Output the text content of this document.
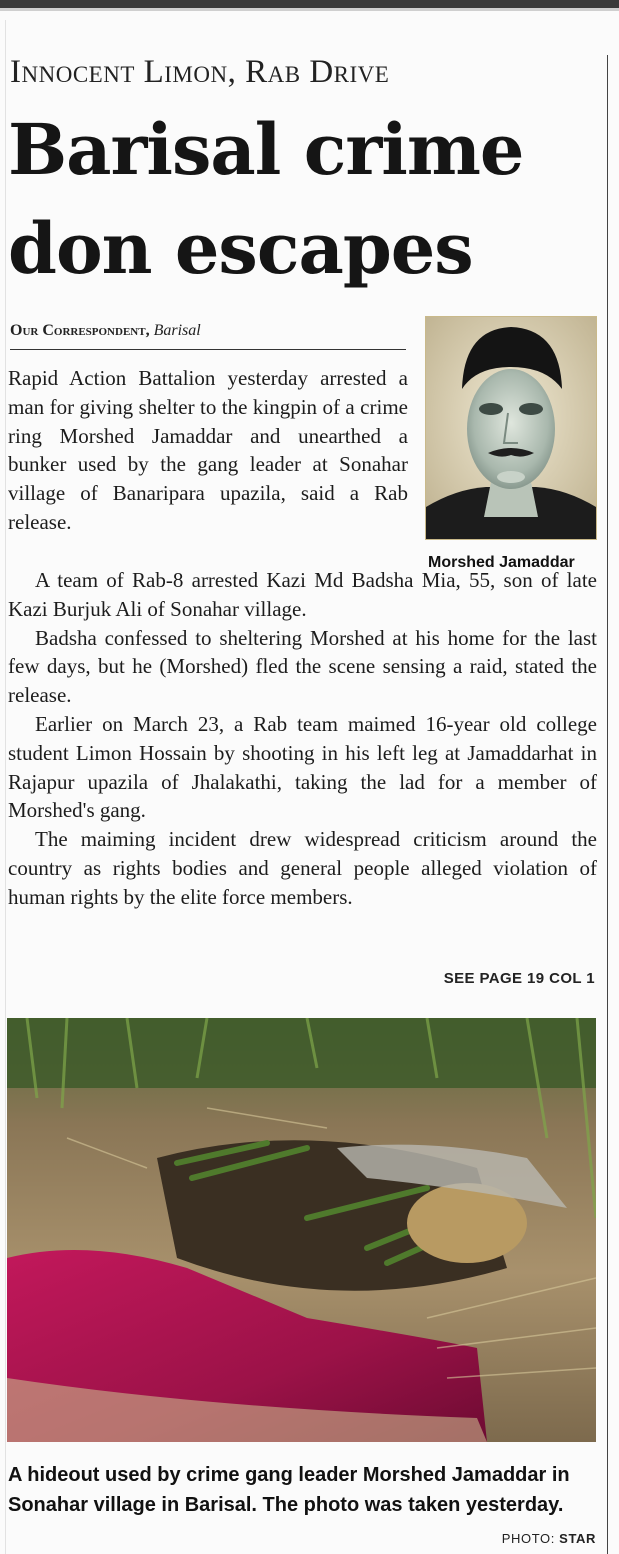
Innocent Limon, Rab Drive
Barisal crime don escapes
Our Correspondent, Barisal
Morshed Jamaddar

Rapid Action Battalion yesterday arrested a man for giving shelter to the kingpin of a crime ring Morshed Jamaddar and unearthed a bunker used by the gang leader at Sonahar village of Banaripara upazila, said a Rab release.

A team of Rab-8 arrested Kazi Md Badsha Mia, 55, son of late Kazi Burjuk Ali of Sonahar village.

Badsha confessed to sheltering Morshed at his home for the last few days, but he (Morshed) fled the scene sensing a raid, stated the release.

Earlier on March 23, a Rab team maimed 16-year old college student Limon Hossain by shooting in his left leg at Jamaddarhat in Rajapur upazila of Jhalakathi, taking the lad for a member of Morshed's gang.

The maiming incident drew widespread criticism around the country as rights bodies and general people alleged violation of human rights by the elite force members.

SEE PAGE 19 COL 1
A hideout used by crime gang leader Morshed Jamaddar in Sonahar village in Barisal. The photo was taken yesterday.
PHOTO: STAR
